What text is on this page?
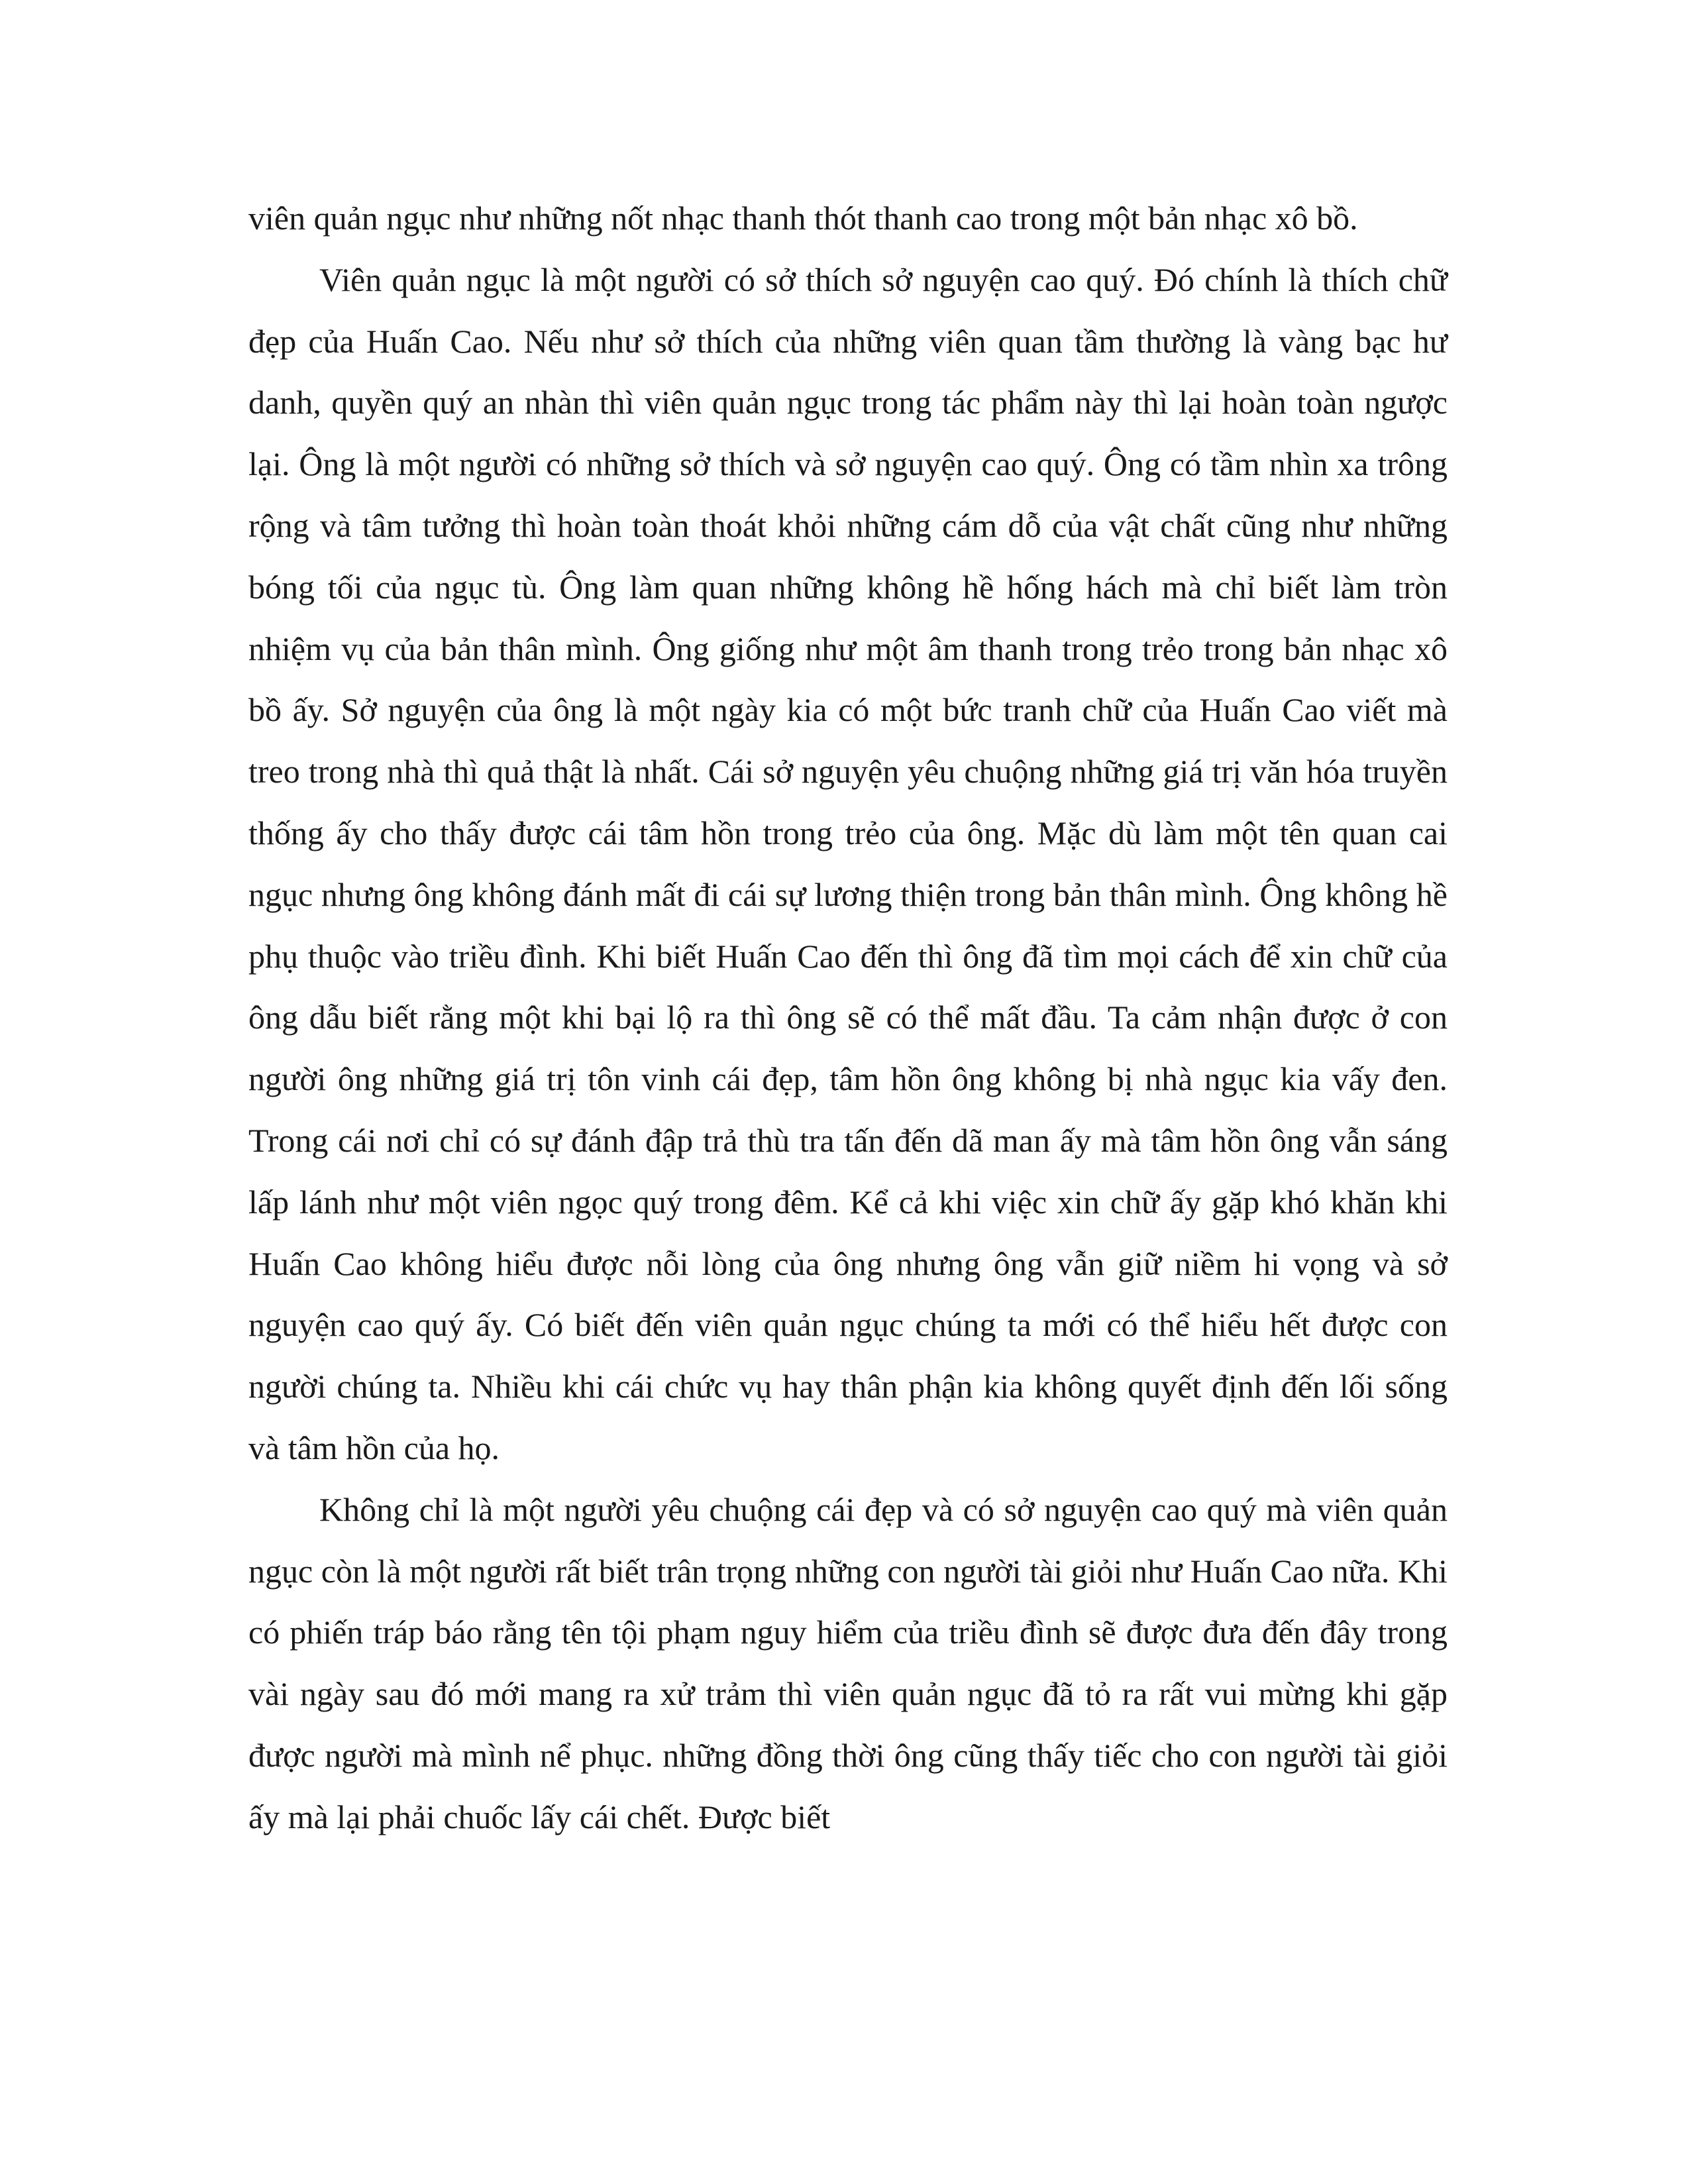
viên quản ngục như những nốt nhạc thanh thót thanh cao trong một bản nhạc xô bồ.

Viên quản ngục là một người có sở thích sở nguyện cao quý. Đó chính là thích chữ đẹp của Huấn Cao. Nếu như sở thích của những viên quan tầm thường là vàng bạc hư danh, quyền quý an nhàn thì viên quản ngục trong tác phẩm này thì lại hoàn toàn ngược lại. Ông là một người có những sở thích và sở nguyện cao quý. Ông có tầm nhìn xa trông rộng và tâm tưởng thì hoàn toàn thoát khỏi những cám dỗ của vật chất cũng như những bóng tối của ngục tù. Ông làm quan những không hề hống hách mà chỉ biết làm tròn nhiệm vụ của bản thân mình. Ông giống như một âm thanh trong trẻo trong bản nhạc xô bồ ấy. Sở nguyện của ông là một ngày kia có một bức tranh chữ của Huấn Cao viết mà treo trong nhà thì quả thật là nhất. Cái sở nguyện yêu chuộng những giá trị văn hóa truyền thống ấy cho thấy được cái tâm hồn trong trẻo của ông. Mặc dù làm một tên quan cai ngục nhưng ông không đánh mất đi cái sự lương thiện trong bản thân mình. Ông không hề phụ thuộc vào triều đình. Khi biết Huấn Cao đến thì ông đã tìm mọi cách để xin chữ của ông dẫu biết rằng một khi bại lộ ra thì ông sẽ có thể mất đầu. Ta cảm nhận được ở con người ông những giá trị tôn vinh cái đẹp, tâm hồn ông không bị nhà ngục kia vấy đen. Trong cái nơi chỉ có sự đánh đập trả thù tra tấn đến dã man ấy mà tâm hồn ông vẫn sáng lấp lánh như một viên ngọc quý trong đêm. Kể cả khi việc xin chữ ấy gặp khó khăn khi Huấn Cao không hiểu được nỗi lòng của ông nhưng ông vẫn giữ niềm hi vọng và sở nguyện cao quý ấy. Có biết đến viên quản ngục chúng ta mới có thể hiểu hết được con người chúng ta. Nhiều khi cái chức vụ hay thân phận kia không quyết định đến lối sống và tâm hồn của họ.

Không chỉ là một người yêu chuộng cái đẹp và có sở nguyện cao quý mà viên quản ngục còn là một người rất biết trân trọng những con người tài giỏi như Huấn Cao nữa. Khi có phiến tráp báo rằng tên tội phạm nguy hiểm của triều đình sẽ được đưa đến đây trong vài ngày sau đó mới mang ra xử trảm thì viên quản ngục đã tỏ ra rất vui mừng khi gặp được người mà mình nể phục. những đồng thời ông cũng thấy tiếc cho con người tài giỏi ấy mà lại phải chuốc lấy cái chết. Được biết
